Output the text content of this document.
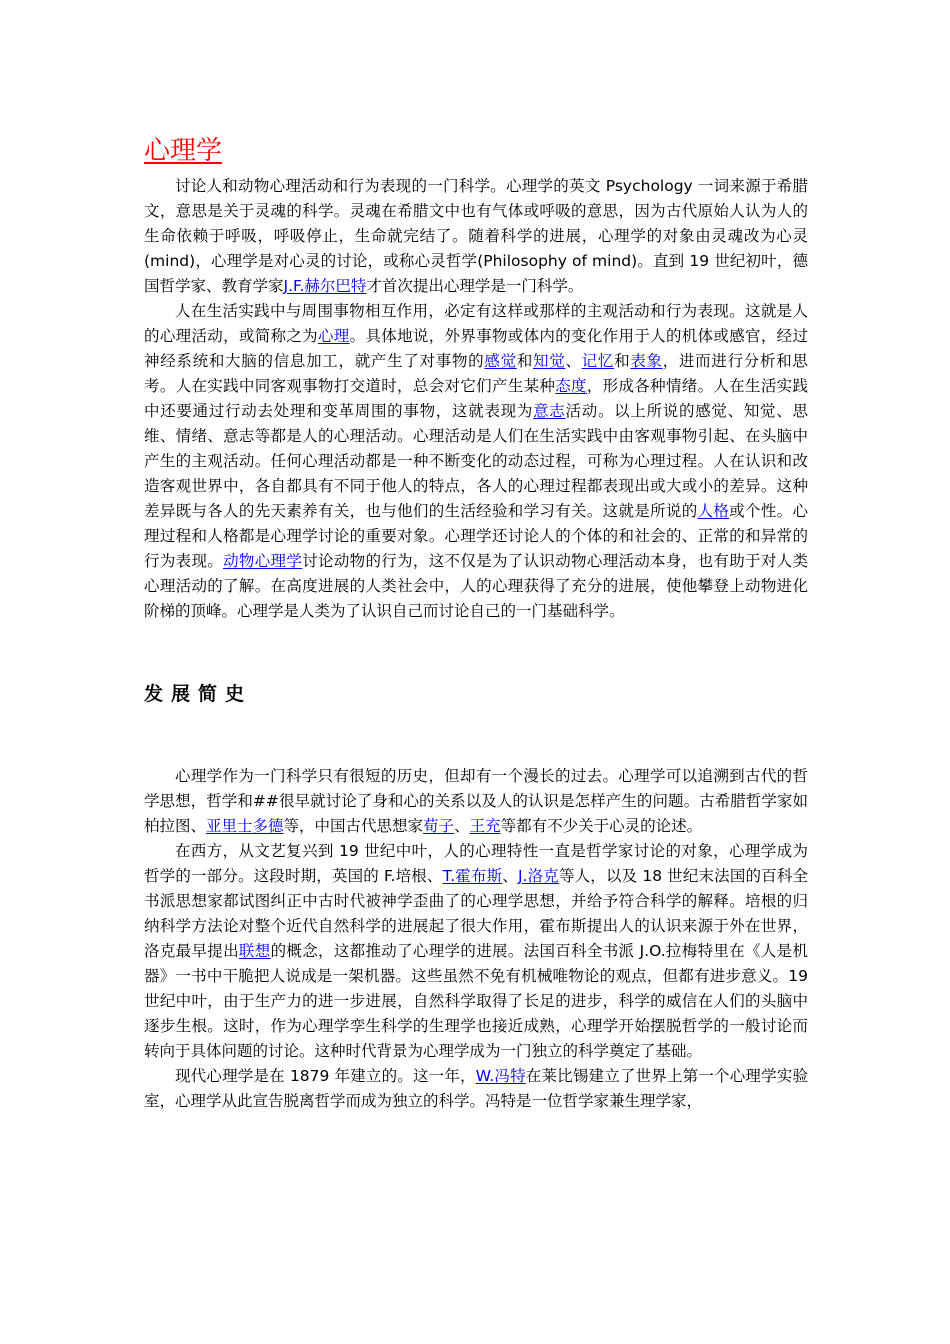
心理学

讨论人和动物心理活动和行为表现的一门科学。心理学的英文 Psychology 一词来源于希腊文，意思是关于灵魂的科学。灵魂在希腊文中也有气体或呼吸的意思，因为古代原始人认为人的生命依赖于呼吸，呼吸停止，生命就完结了。随着科学的进展，心理学的对象由灵魂改为心灵(mind)，心理学是对心灵的讨论，或称心灵哲学(Philosophy of mind)。直到 19 世纪初叶，德国哲学家、教育学家J.F.赫尔巴特才首次提出心理学是一门科学。

人在生活实践中与周围事物相互作用，必定有这样或那样的主观活动和行为表现。这就是人的心理活动，或简称之为心理。具体地说，外界事物或体内的变化作用于人的机体或感官，经过神经系统和大脑的信息加工，就产生了对事物的感觉和知觉、记忆和表象，进而进行分析和思考。人在实践中同客观事物打交道时，总会对它们产生某种态度，形成各种情绪。人在生活实践中还要通过行动去处理和变革周围的事物，这就表现为意志活动。以上所说的感觉、知觉、思维、情绪、意志等都是人的心理活动。心理活动是人们在生活实践中由客观事物引起、在头脑中产生的主观活动。任何心理活动都是一种不断变化的动态过程，可称为心理过程。人在认识和改造客观世界中，各自都具有不同于他人的特点，各人的心理过程都表现出或大或小的差异。这种差异既与各人的先天素养有关，也与他们的生活经验和学习有关。这就是所说的人格或个性。心理过程和人格都是心理学讨论的重要对象。心理学还讨论人的个体的和社会的、正常的和异常的行为表现。动物心理学讨论动物的行为，这不仅是为了认识动物心理活动本身，也有助于对人类心理活动的了解。在高度进展的人类社会中，人的心理获得了充分的进展，使他攀登上动物进化阶梯的顶峰。心理学是人类为了认识自己而讨论自己的一门基础科学。

发展简史

心理学作为一门科学只有很短的历史，但却有一个漫长的过去。心理学可以追溯到古代的哲学思想，哲学和##很早就讨论了身和心的关系以及人的认识是怎样产生的问题。古希腊哲学家如柏拉图、亚里士多德等，中国古代思想家荀子、王充等都有不少关于心灵的论述。

在西方，从文艺复兴到 19 世纪中叶，人的心理特性一直是哲学家讨论的对象，心理学成为哲学的一部分。这段时期，英国的 F.培根、T.霍布斯、J.洛克等人，以及 18 世纪末法国的百科全书派思想家都试图纠正中古时代被神学歪曲了的心理学思想，并给予符合科学的解释。培根的归纳科学方法论对整个近代自然科学的进展起了很大作用，霍布斯提出人的认识来源于外在世界，洛克最早提出联想的概念，这都推动了心理学的进展。法国百科全书派 J.O.拉梅特里在《人是机器》一书中干脆把人说成是一架机器。这些虽然不免有机械唯物论的观点，但都有进步意义。19 世纪中叶，由于生产力的进一步进展，自然科学取得了长足的进步，科学的威信在人们的头脑中逐步生根。这时，作为心理学孪生科学的生理学也接近成熟，心理学开始摆脱哲学的一般讨论而转向于具体问题的讨论。这种时代背景为心理学成为一门独立的科学奠定了基础。

现代心理学是在 1879 年建立的。这一年，W.冯特在莱比锡建立了世界上第一个心理学实验室，心理学从此宣告脱离哲学而成为独立的科学。冯特是一位哲学家兼生理学家，
